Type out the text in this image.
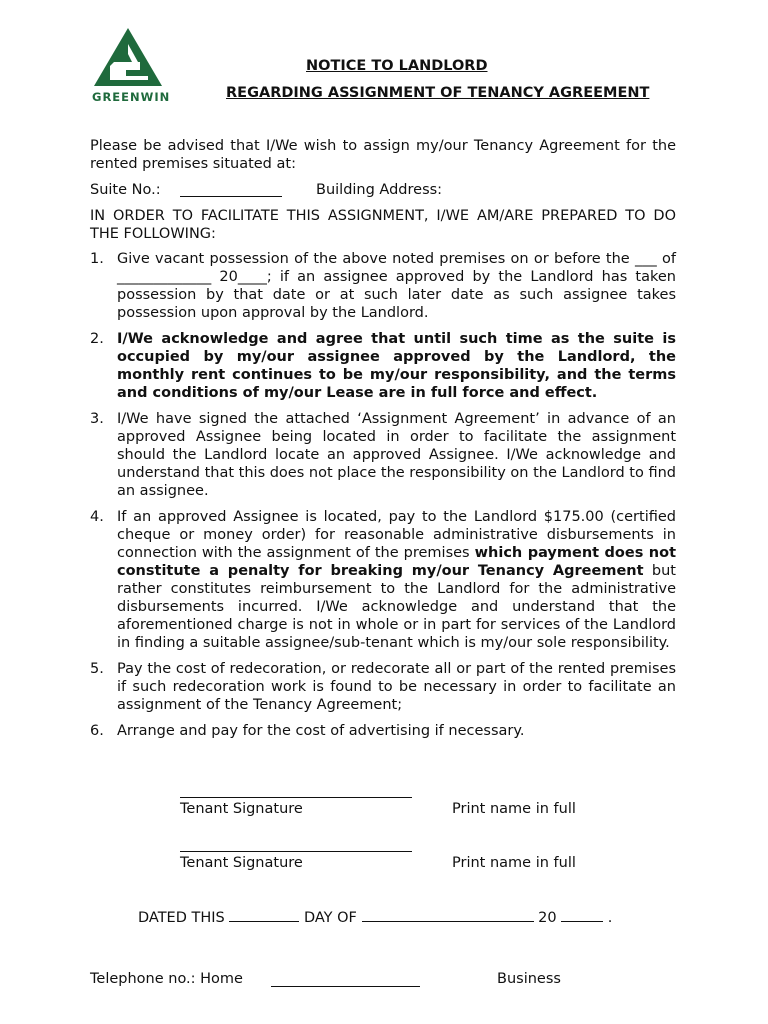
GREENWIN
NOTICE TO LANDLORD
REGARDING ASSIGNMENT OF TENANCY AGREEMENT
Please be advised that I/We wish to assign my/our Tenancy Agreement for the rented premises situated at:
Suite No.:	Building Address:
IN ORDER TO FACILITATE THIS ASSIGNMENT, I/WE AM/ARE PREPARED TO DO THE FOLLOWING:
1. Give vacant possession of the above noted premises on or before the ___ of _____________ 20____; if an assignee approved by the Landlord has taken possession by that date or at such later date as such assignee takes possession upon approval by the Landlord.
2. I/We acknowledge and agree that until such time as the suite is occupied by my/our assignee approved by the Landlord, the monthly rent continues to be my/our responsibility, and the terms and conditions of my/our Lease are in full force and effect.
3. I/We have signed the attached ‘Assignment Agreement’ in advance of an approved Assignee being located in order to facilitate the assignment should the Landlord locate an approved Assignee. I/We acknowledge and understand that this does not place the responsibility on the Landlord to find an assignee.
4. If an approved Assignee is located, pay to the Landlord $175.00 (certified cheque or money order) for reasonable administrative disbursements in connection with the assignment of the premises which payment does not constitute a penalty for breaking my/our Tenancy Agreement but rather constitutes reimbursement to the Landlord for the administrative disbursements incurred. I/We acknowledge and understand that the aforementioned charge is not in whole or in part for services of the Landlord in finding a suitable assignee/sub-tenant which is my/our sole responsibility.
5. Pay the cost of redecoration, or redecorate all or part of the rented premises if such redecoration work is found to be necessary in order to facilitate an assignment of the Tenancy Agreement;
6. Arrange and pay for the cost of advertising if necessary.
Tenant Signature	Print name in full
Tenant Signature	Print name in full
DATED THIS	DAY OF	20	.
Telephone no.: Home	Business
